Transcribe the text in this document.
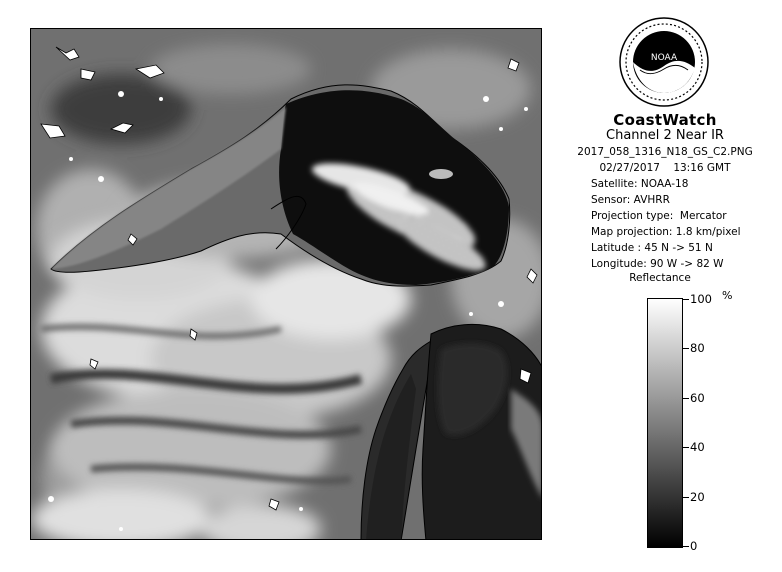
NOAA
CoastWatch
Channel 2 Near IR
2017_058_1316_N18_GS_C2.PNG
02/27/2017    13:16 GMT
Satellite: NOAA-18
Sensor: AVHRR
Projection type:  Mercator
Map projection: 1.8 km/pixel
Latitude : 45 N -> 51 N
Longitude: 90 W -> 82 W
Reflectance
%
100
80
60
40
20
0
